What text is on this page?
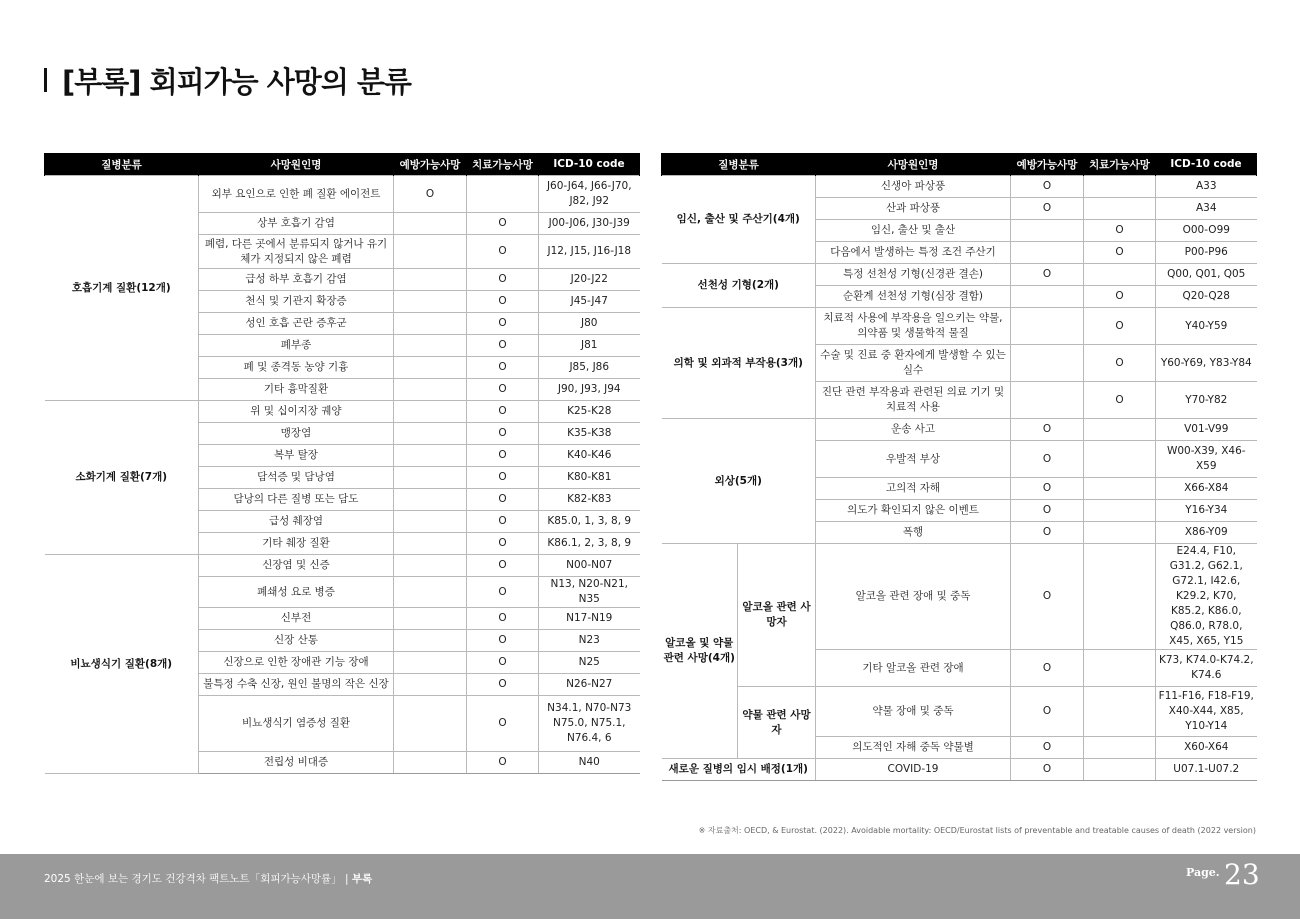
[부록] 회피가능 사망의 분류
질병분류	사망원인명	예방가능사망	치료가능사망	ICD-10 code
호흡기계 질환(12개)	외부 요인으로 인한 폐 질환 에이전트	O		J60-J64, J66-J70, J82, J92
	상부 호흡기 감염		O	J00-J06, J30-J39
	폐렴, 다른 곳에서 분류되지 않거나 유기체가 지정되지 않은 폐렴		O	J12, J15, J16-J18
	급성 하부 호흡기 감염		O	J20-J22
	천식 및 기관지 확장증		O	J45-J47
	성인 호흡 곤란 증후군		O	J80
	폐부종		O	J81
	폐 및 종격동 농양 기흉		O	J85, J86
	기타 흉막질환		O	J90, J93, J94
소화기계 질환(7개)	위 및 십이지장 궤양		O	K25-K28
	맹장염		O	K35-K38
	복부 탈장		O	K40-K46
	담석증 및 담낭염		O	K80-K81
	담낭의 다른 질병 또는 담도		O	K82-K83
	급성 췌장염		O	K85.0, 1, 3, 8, 9
	기타 췌장 질환		O	K86.1, 2, 3, 8, 9
비뇨생식기 질환(8개)	신장염 및 신증		O	N00-N07
	폐쇄성 요로 병증		O	N13, N20-N21, N35
	신부전		O	N17-N19
	신장 산통		O	N23
	신장으로 인한 장애관 기능 장애		O	N25
	불특정 수축 신장, 원인 불명의 작은 신장		O	N26-N27
	비뇨생식기 염증성 질환		O	N34.1, N70-N73 N75.0, N75.1, N76.4, 6
	전립성 비대증		O	N40
질병분류		사망원인명	예방가능사망	치료가능사망	ICD-10 code
임신, 출산 및 주산기(4개)		신생아 파상풍	O		A33
		산과 파상풍	O		A34
		임신, 출산 및 출산		O	O00-O99
		다음에서 발생하는 특정 조건 주산기		O	P00-P96
선천성 기형(2개)		특정 선천성 기형(신경관 결손)	O		Q00, Q01, Q05
		순환계 선천성 기형(심장 결함)		O	Q20-Q28
의학 및 외과적 부작용(3개)		치료적 사용에 부작용을 일으키는 약물, 의약품 및 생물학적 물질		O	Y40-Y59
		수술 및 진료 중 환자에게 발생할 수 있는 실수		O	Y60-Y69, Y83-Y84
		진단 관련 부작용과 관련된 의료 기기 및 치료적 사용		O	Y70-Y82
외상(5개)		운송 사고	O		V01-V99
		우발적 부상	O		W00-X39, X46-X59
		고의적 자해	O		X66-X84
		의도가 확인되지 않은 이벤트	O		Y16-Y34
		폭행	O		X86-Y09
알코올 및 약물 관련 사망(4개)	알코올 관련 사망자	알코올 관련 장애 및 중독	O		E24.4, F10, G31.2, G62.1, G72.1, I42.6, K29.2, K70, K85.2, K86.0, Q86.0, R78.0, X45, X65, Y15
		기타 알코올 관련 장애	O		K73, K74.0-K74.2, K74.6
	약물 관련 사망자	약물 장애 및 중독	O		F11-F16, F18-F19, X40-X44, X85, Y10-Y14
		의도적인 자해 중독 약물별	O		X60-X64
새로운 질병의 임시 배정(1개)		COVID-19	O		U07.1-U07.2
※ 자료출처: OECD, & Eurostat. (2022). Avoidable mortality: OECD/Eurostat lists of preventable and treatable causes of death (2022 version)
2025 한눈에 보는 경기도 건강격차 팩트노트「회피가능사망률」 | 부록	Page. 23
